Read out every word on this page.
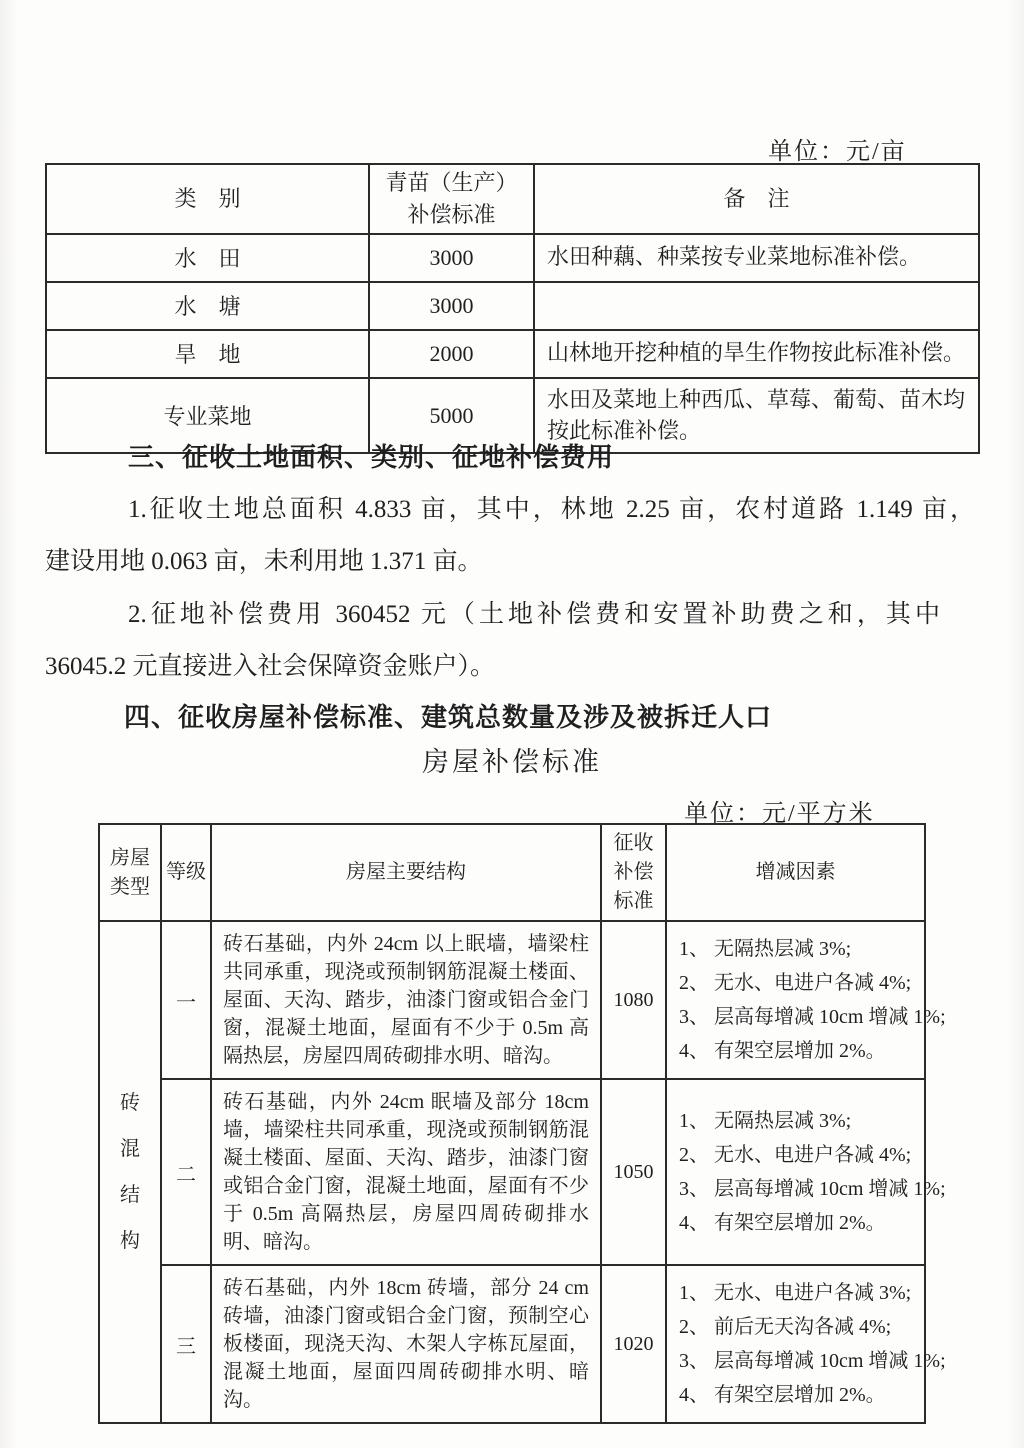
单位：元/亩
类　别	青苗（生产）补偿标准	备　注
水　田	3000	水田种藕、种菜按专业菜地标准补偿。
水　塘	3000	
旱　地	2000	山林地开挖种植的旱生作物按此标准补偿。
专业菜地	5000	水田及菜地上种西瓜、草莓、葡萄、苗木均按此标准补偿。
三、征收土地面积、类别、征地补偿费用
1.征收土地总面积 4.833 亩，其中，林地 2.25 亩，农村道路 1.149 亩，
建设用地 0.063 亩，未利用地 1.371 亩。
2.征地补偿费用 360452 元（土地补偿费和安置补助费之和，其中
36045.2 元直接进入社会保障资金账户）。
四、征收房屋补偿标准、建筑总数量及涉及被拆迁人口
房屋补偿标准
单位：元/平方米
房屋类型	等级	房屋主要结构	征收补偿标准	增减因素
砖混结构	一	砖石基础，内外 24cm 以上眠墙，墙梁柱共同承重，现浇或预制钢筋混凝土楼面、屋面、天沟、踏步，油漆门窗或铝合金门窗，混凝土地面，屋面有不少于 0.5m 高隔热层，房屋四周砖砌排水明、暗沟。	1080	1、 无隔热层减 3%;
2、 无水、电进户各减 4%;
3、 层高每增减 10cm 增减 1%;
4、 有架空层增加 2%。

	二	砖石基础，内外 24cm 眠墙及部分 18cm 墙，墙梁柱共同承重，现浇或预制钢筋混凝土楼面、屋面、天沟、踏步，油漆门窗或铝合金门窗，混凝土地面，屋面有不少于 0.5m 高隔热层，房屋四周砖砌排水明、暗沟。	1050	1、 无隔热层减 3%;
2、 无水、电进户各减 4%;
3、 层高每增减 10cm 增减 1%;
4、 有架空层增加 2%。

	三	砖石基础，内外 18cm 砖墙，部分 24 cm 砖墙，油漆门窗或铝合金门窗，预制空心板楼面，现浇天沟、木架人字栋瓦屋面，混凝土地面，屋面四周砖砌排水明、暗沟。	1020	1、 无水、电进户各减 3%;
2、 前后无天沟各减 4%;
3、 层高每增减 10cm 增减 1%;
4、 有架空层增加 2%。
